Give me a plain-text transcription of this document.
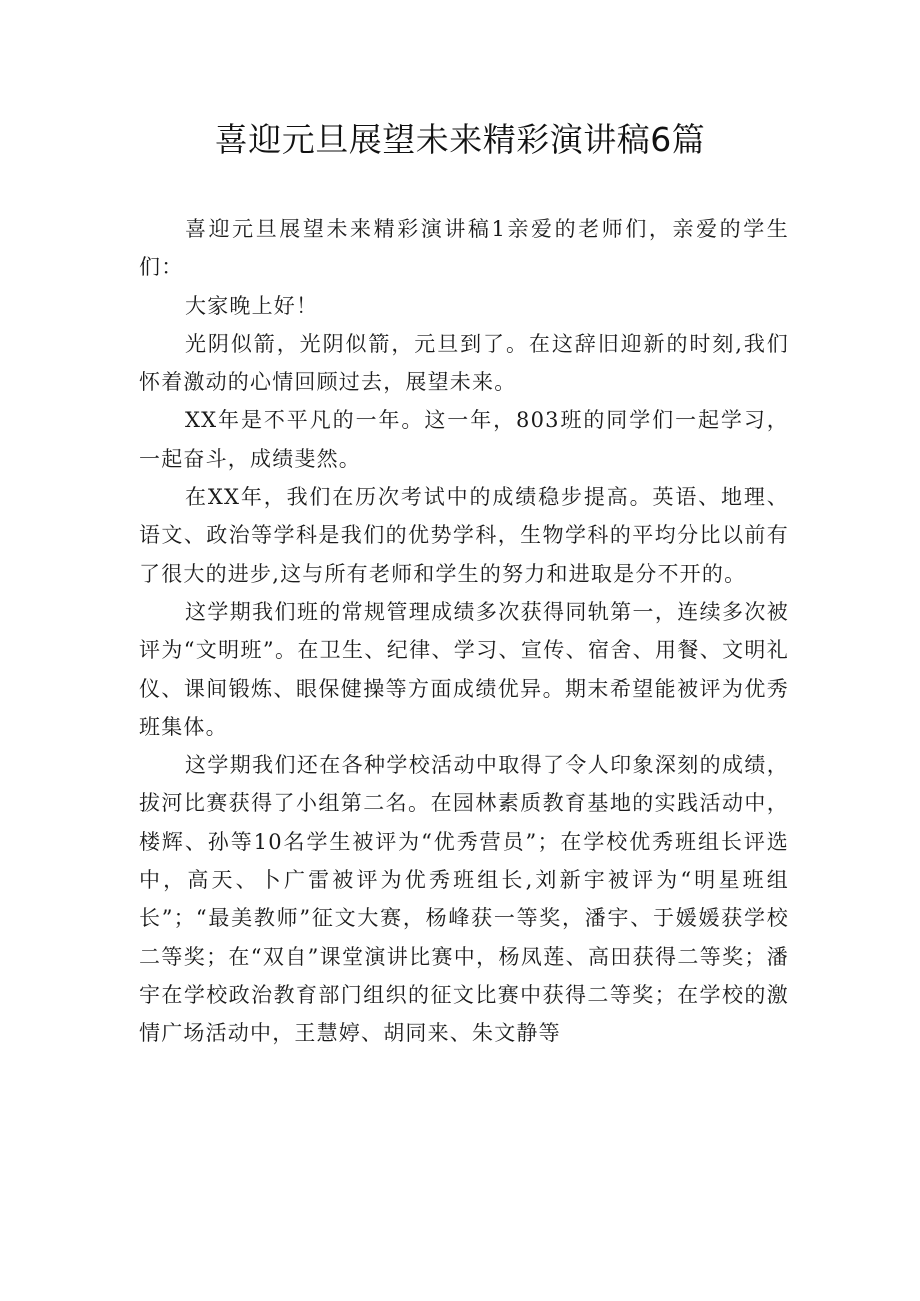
喜迎元旦展望未来精彩演讲稿6篇

喜迎元旦展望未来精彩演讲稿1亲爱的老师们，亲爱的学生们：

大家晚上好！

光阴似箭，光阴似箭，元旦到了。在这辞旧迎新的时刻,我们怀着激动的心情回顾过去，展望未来。

XX年是不平凡的一年。这一年，803班的同学们一起学习，一起奋斗，成绩斐然。

在XX年，我们在历次考试中的成绩稳步提高。英语、地理、语文、政治等学科是我们的优势学科，生物学科的平均分比以前有了很大的进步,这与所有老师和学生的努力和进取是分不开的。

这学期我们班的常规管理成绩多次获得同轨第一，连续多次被评为“文明班”。在卫生、纪律、学习、宣传、宿舍、用餐、文明礼仪、课间锻炼、眼保健操等方面成绩优异。期末希望能被评为优秀班集体。

这学期我们还在各种学校活动中取得了令人印象深刻的成绩，拔河比赛获得了小组第二名。在园林素质教育基地的实践活动中，楼辉、孙等10名学生被评为“优秀营员”；在学校优秀班组长评选中，高天、卜广雷被评为优秀班组长,刘新宇被评为“明星班组长”；“最美教师”征文大赛，杨峰获一等奖，潘宇、于媛媛获学校二等奖；在“双自”课堂演讲比赛中，杨凤莲、高田获得二等奖；潘宇在学校政治教育部门组织的征文比赛中获得二等奖；在学校的激情广场活动中，王慧婷、胡同来、朱文静等
